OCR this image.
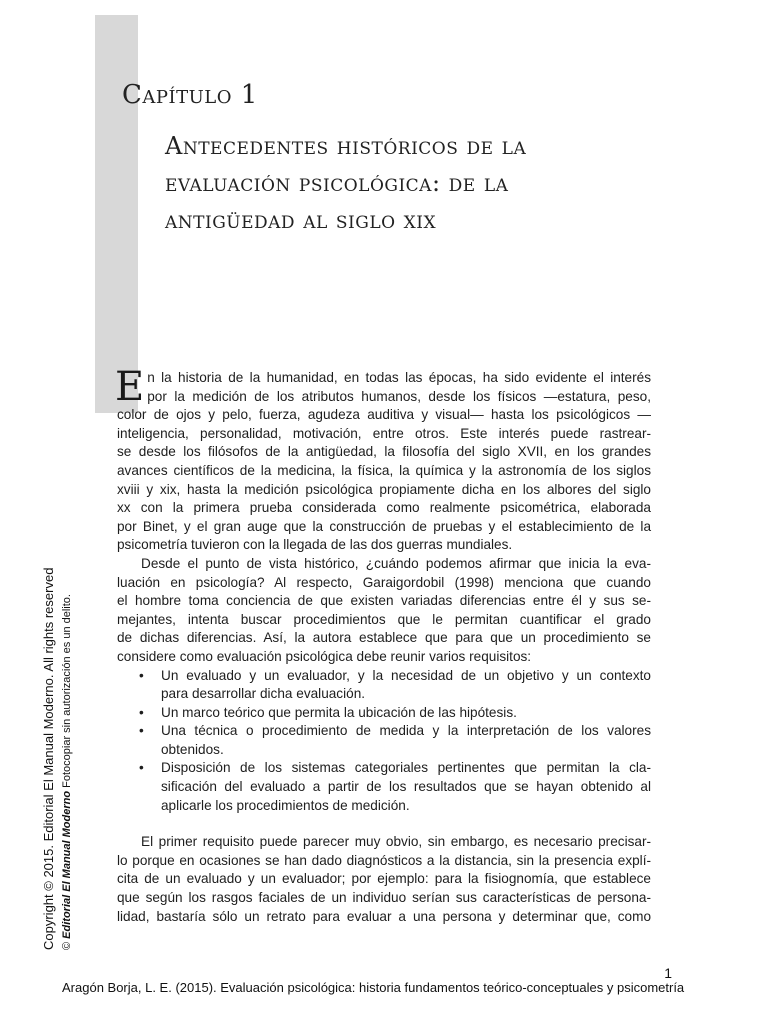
Capítulo 1
Antecedentes históricos de la
evaluación psicológica: de la
antigüedad al siglo xix

E n la historia de la humanidad, en todas las épocas, ha sido evidente el interés
por la medición de los atributos humanos, desde los físicos —estatura, peso,
color de ojos y pelo, fuerza, agudeza auditiva y visual— hasta los psicológicos —
inteligencia, personalidad, motivación, entre otros. Este interés puede rastrear-
se desde los filósofos de la antigüedad, la filosofía del siglo XVII, en los grandes
avances científicos de la medicina, la física, la química y la astronomía de los siglos
xviii y xix, hasta la medición psicológica propiamente dicha en los albores del siglo
xx con la primera prueba considerada como realmente psicométrica, elaborada
por Binet, y el gran auge que la construcción de pruebas y el establecimiento de la
psicometría tuvieron con la llegada de las dos guerras mundiales.

Desde el punto de vista histórico, ¿cuándo podemos afirmar que inicia la eva-
luación en psicología? Al respecto, Garaigordobil (1998) menciona que cuando
el hombre toma conciencia de que existen variadas diferencias entre él y sus se-
mejantes, intenta buscar procedimientos que le permitan cuantificar el grado
de dichas diferencias. Así, la autora establece que para que un procedimiento se
considere como evaluación psicológica debe reunir varios requisitos:

• Un evaluado y un evaluador, y la necesidad de un objetivo y un contexto
para desarrollar dicha evaluación.
• Un marco teórico que permita la ubicación de las hipótesis.
• Una técnica o procedimiento de medida y la interpretación de los valores
obtenidos.
• Disposición de los sistemas categoriales pertinentes que permitan la cla-
sificación del evaluado a partir de los resultados que se hayan obtenido al
aplicarle los procedimientos de medición.

El primer requisito puede parecer muy obvio, sin embargo, es necesario precisar-
lo porque en ocasiones se han dado diagnósticos a la distancia, sin la presencia explí-
cita de un evaluado y un evaluador; por ejemplo: para la fisiognomía, que establece
que según los rasgos faciales de un individuo serían sus características de persona-
lidad, bastaría sólo un retrato para evaluar a una persona y determinar que, como

Copyright © 2015. Editorial El Manual Moderno. All rights reserved © Editorial El Manual Moderno Fotocopiar sin autorización es un delito.
1
Aragón Borja, L. E. (2015). Evaluación psicológica: historia fundamentos teórico-conceptuales y psicometría
